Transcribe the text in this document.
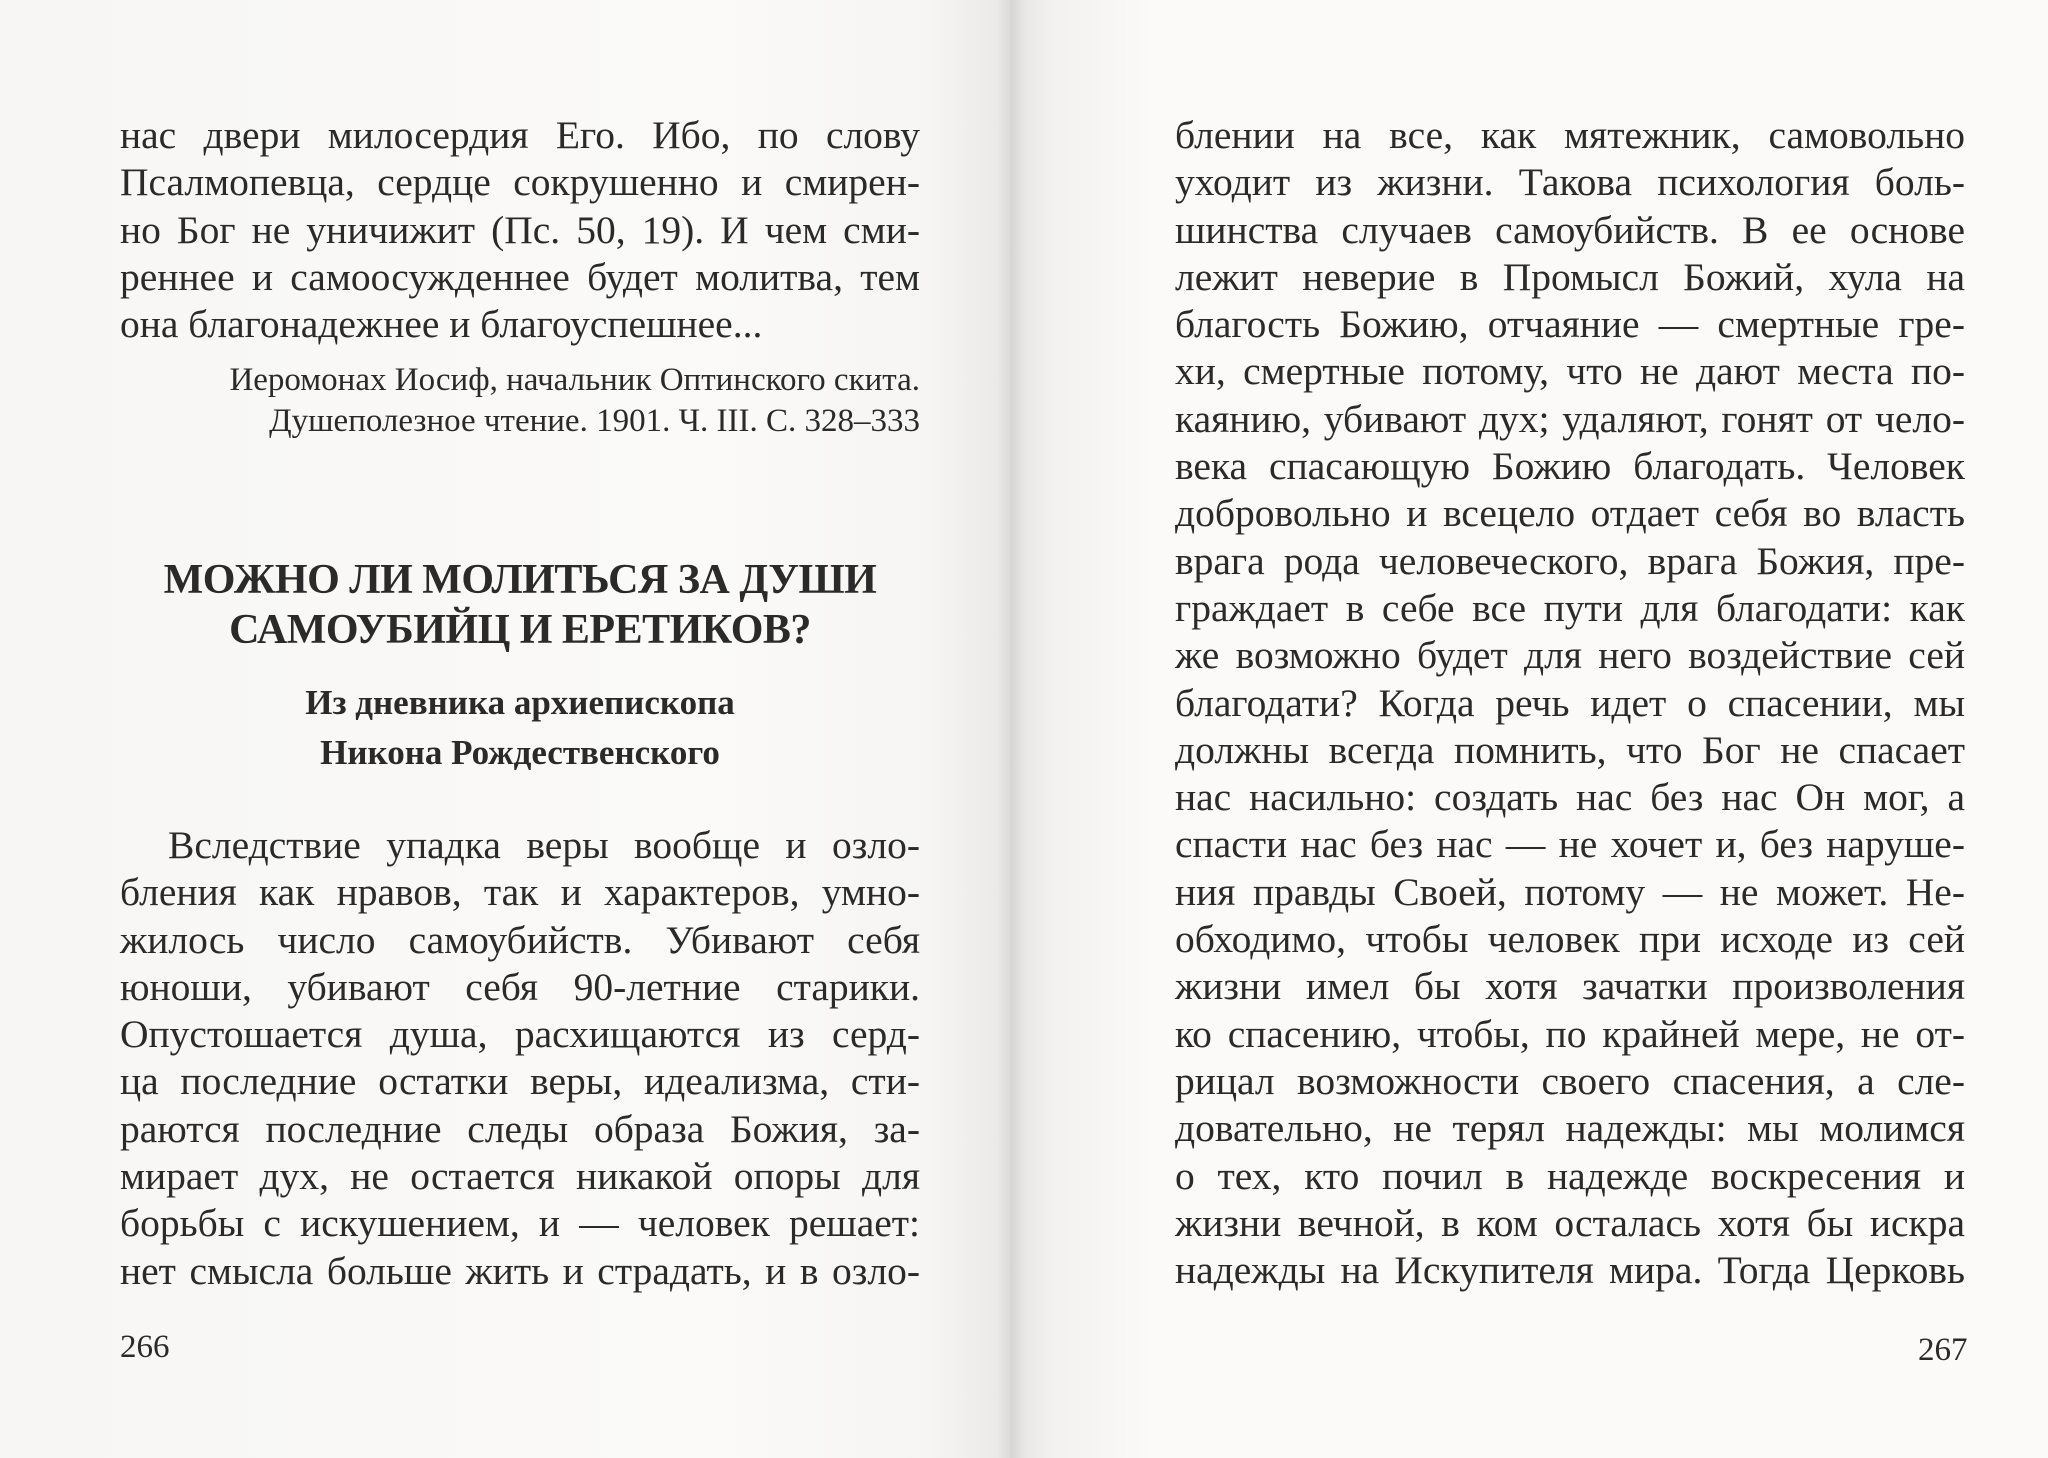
нас двери милосердия Его. Ибо, по слову
Псалмопевца, сердце сокрушенно и смирен-
но Бог не уничижит (Пс. 50, 19). И чем сми-
реннее и самоосужденнее будет молитва, тем
она благонадежнее и благоуспешнее...
Иеромонах Иосиф, начальник Оптинского скита.
Душеполезное чтение. 1901. Ч. III. С. 328–333
МОЖНО ЛИ МОЛИТЬСЯ ЗА ДУШИ
САМОУБИЙЦ И ЕРЕТИКОВ?
Из дневника архиепископа
Никона Рождественского
Вследствие упадка веры вообще и озло-
бления как нравов, так и характеров, умно-
жилось число самоубийств. Убивают себя
юноши, убивают себя 90-летние старики.
Опустошается душа, расхищаются из серд-
ца последние остатки веры, идеализма, сти-
раются последние следы образа Божия, за-
мирает дух, не остается никакой опоры для
борьбы с искушением, и — человек решает:
нет смысла больше жить и страдать, и в озло-
266
блении на все, как мятежник, самовольно
уходит из жизни. Такова психология боль-
шинства случаев самоубийств. В ее основе
лежит неверие в Промысл Божий, хула на
благость Божию, отчаяние — смертные гре-
хи, смертные потому, что не дают места по-
каянию, убивают дух; удаляют, гонят от чело-
века спасающую Божию благодать. Человек
добровольно и всецело отдает себя во власть
врага рода человеческого, врага Божия, пре-
граждает в себе все пути для благодати: как
же возможно будет для него воздействие сей
благодати? Когда речь идет о спасении, мы
должны всегда помнить, что Бог не спасает
нас насильно: создать нас без нас Он мог, а
спасти нас без нас — не хочет и, без наруше-
ния правды Своей, потому — не может. Не-
обходимо, чтобы человек при исходе из сей
жизни имел бы хотя зачатки произволения
ко спасению, чтобы, по крайней мере, не от-
рицал возможности своего спасения, а сле-
довательно, не терял надежды: мы молимся
о тех, кто почил в надежде воскресения и
жизни вечной, в ком осталась хотя бы искра
надежды на Искупителя мира. Тогда Церковь
267
